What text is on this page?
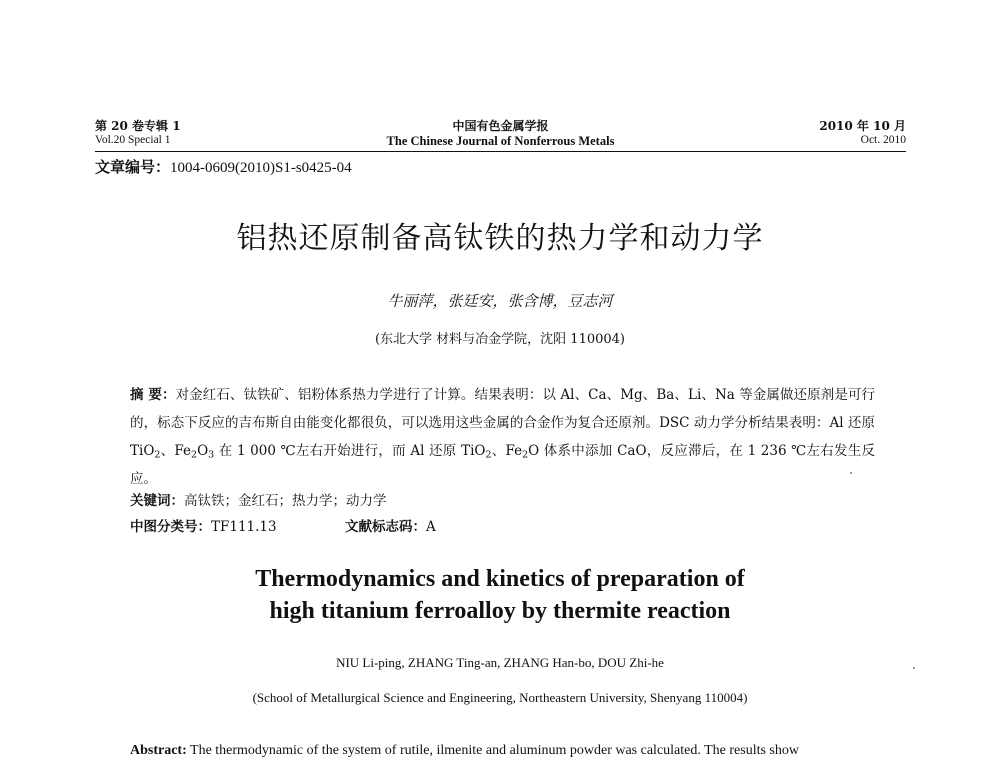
第 20 卷专辑 1	中国有色金属学报	2010 年 10 月
Vol.20 Special 1	The Chinese Journal of Nonferrous Metals	Oct. 2010
文章编号：1004-0609(2010)S1-s0425-04
铝热还原制备高钛铁的热力学和动力学
牛丽萍，张廷安，张含博，豆志河
(东北大学 材料与冶金学院，沈阳 110004)
摘 要：对金红石、钛铁矿、铝粉体系热力学进行了计算。结果表明：以 Al、Ca、Mg、Ba、Li、Na 等金属做还原剂是可行的，标态下反应的吉布斯自由能变化都很负，可以选用这些金属的合金作为复合还原剂。DSC 动力学分析结果表明：Al 还原 TiO$_2$、$Fe_2O_3$ 在 1 000 ℃左右开始进行，而 Al 还原 TiO$_2$、$Fe_2O$ 体系中添加 CaO，反应滞后，在 1 236 ℃左右发生反应。
关键词：高钛铁；金红石；热力学；动力学
中图分类号：TF111.13	文献标志码：A
Thermodynamics and kinetics of preparation of
high titanium ferroalloy by thermite reaction
NIU Li-ping, ZHANG Ting-an, ZHANG Han-bo, DOU Zhi-he
(School of Metallurgical Science and Engineering, Northeastern University, Shenyang 110004)
Abstract: The thermodynamic of the system of rutile, ilmenite and aluminum powder was calculated. The results show
